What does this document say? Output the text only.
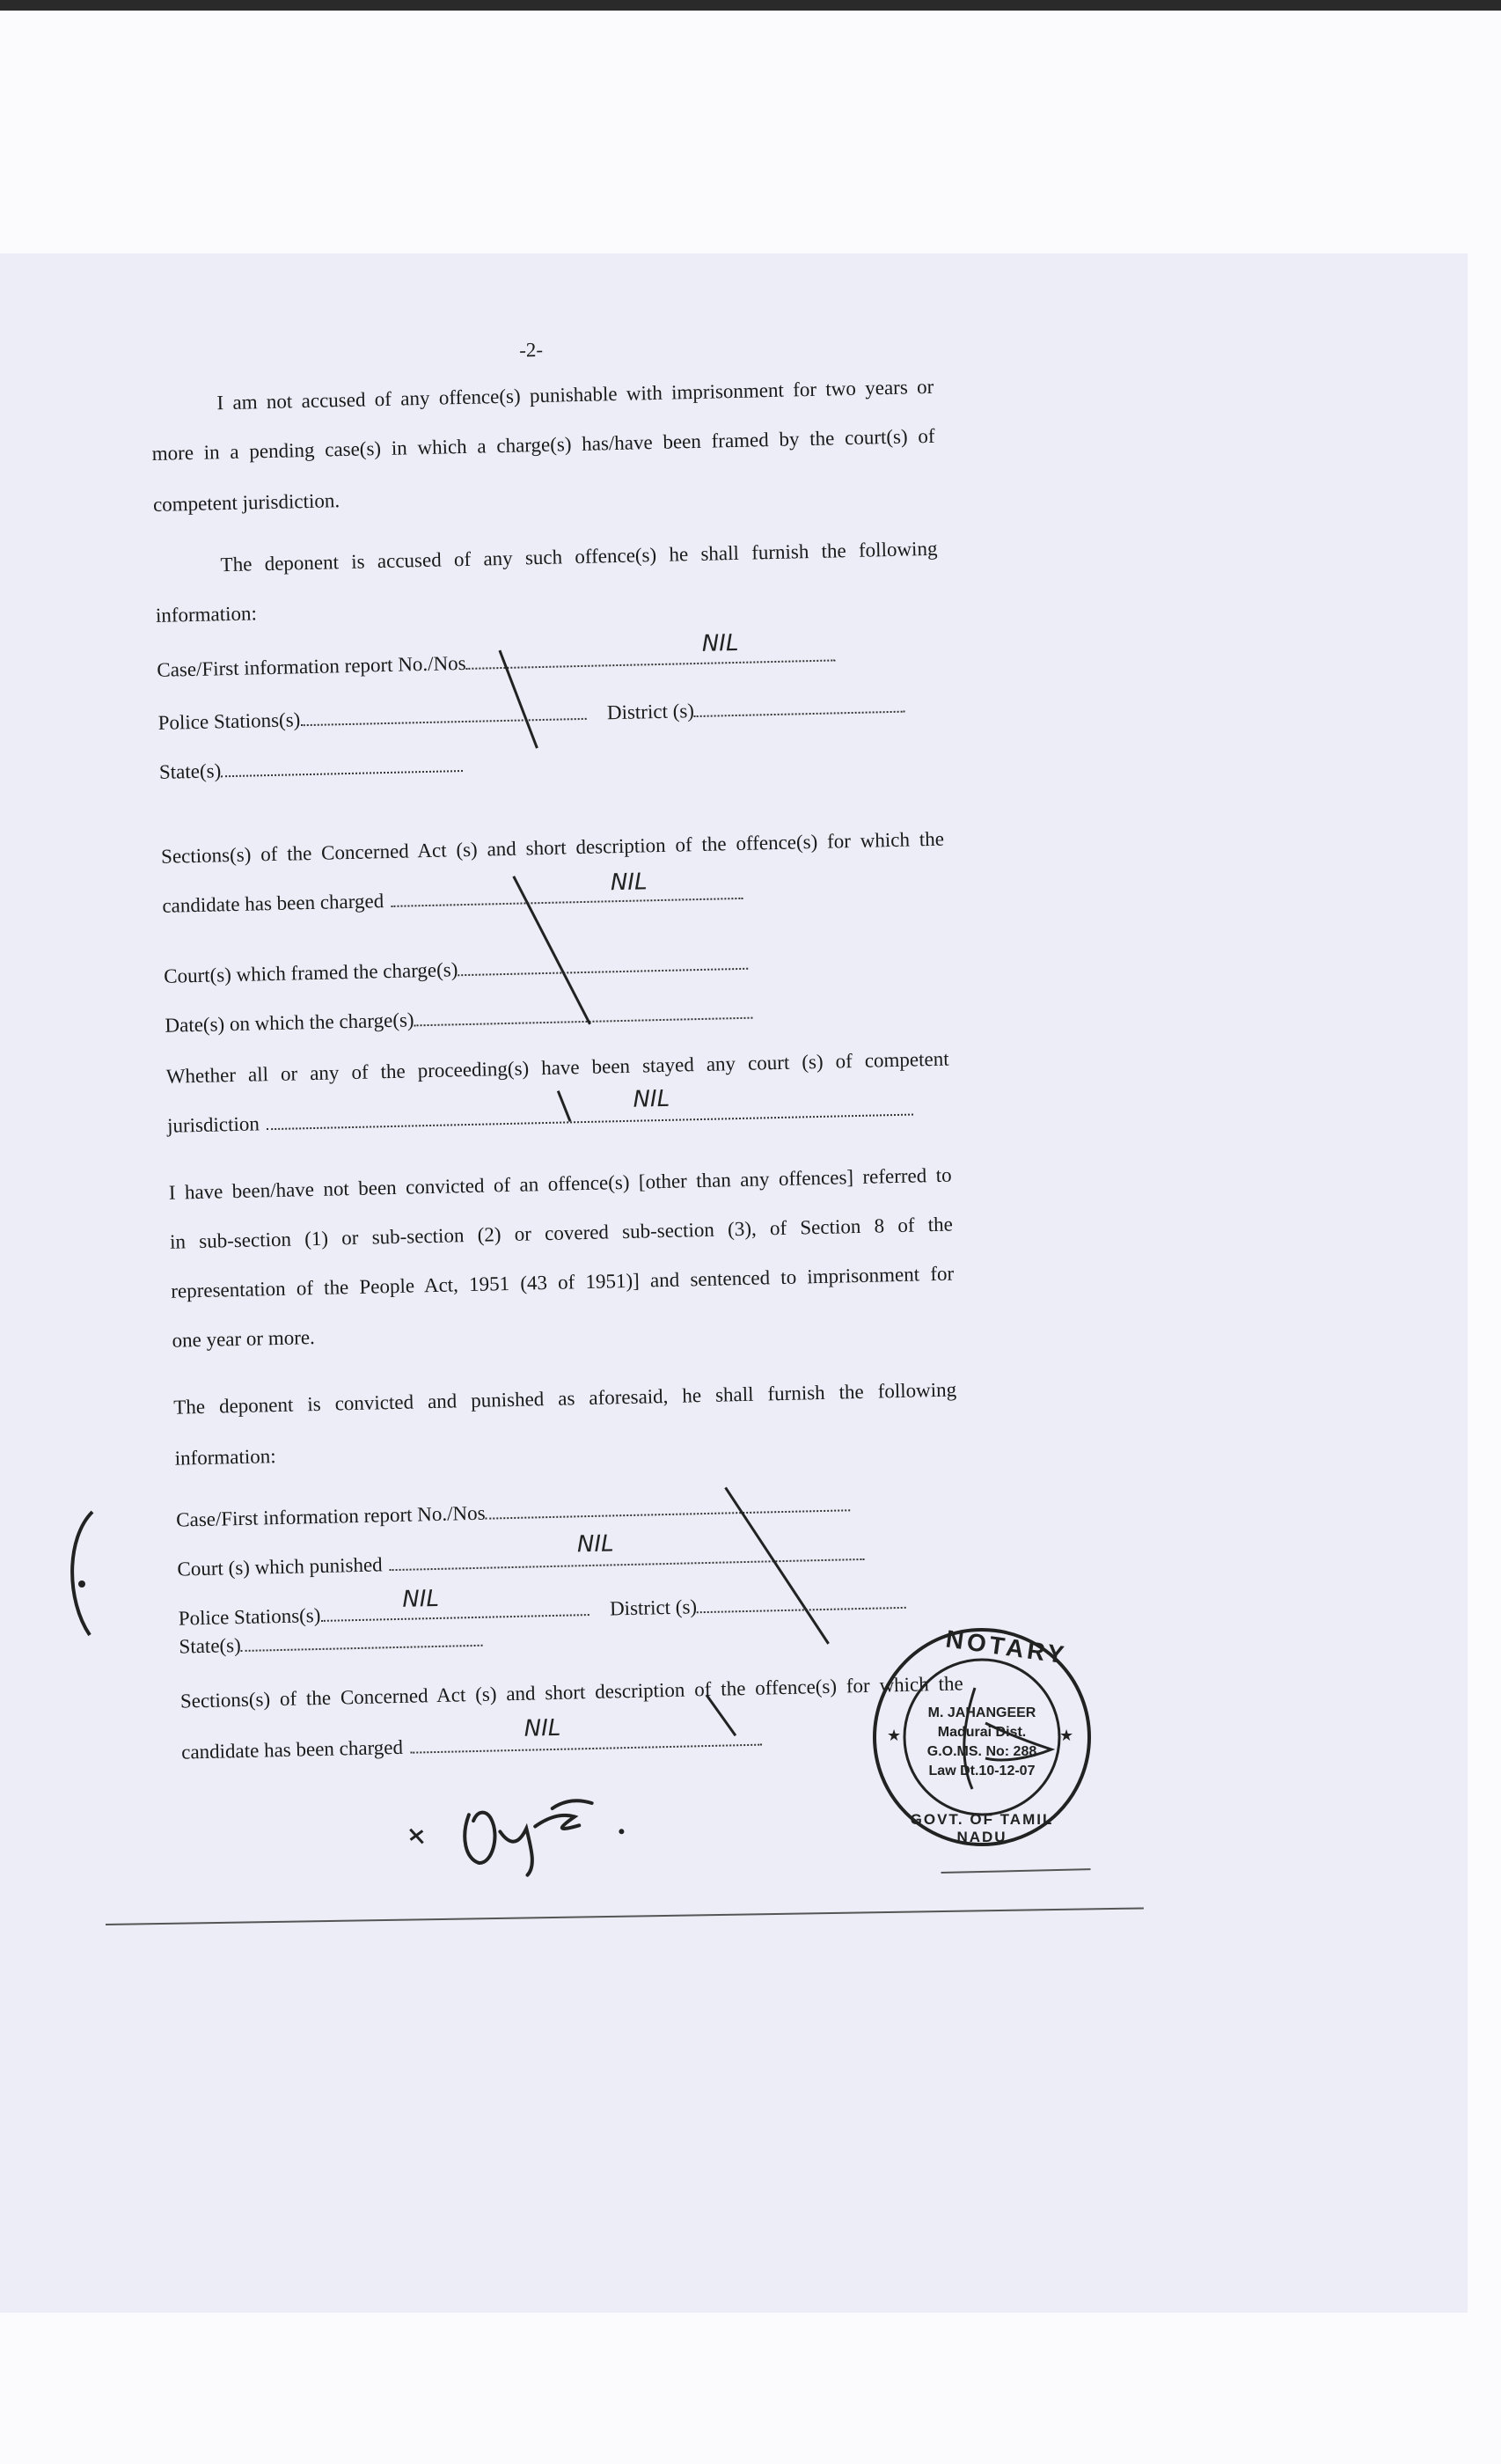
-2-
I am not accused of any offence(s) punishable with imprisonment for two years or
more in a pending case(s) in which a charge(s) has/have been framed by the court(s) of
competent jurisdiction.
The deponent is accused of any such offence(s) he shall furnish the following
information:
Case/First information report No./Nos
NIL
Police Stations(s)	District (s)
State(s)
Sections(s) of the Concerned Act (s) and short description of the offence(s) for which the
candidate has been charged
NIL
Court(s) which framed the charge(s)
Date(s) on which the charge(s)
Whether all or any of the proceeding(s) have been stayed any court (s) of competent
jurisdiction
NIL
I have been/have not been convicted of an offence(s) [other than any offences] referred to
in sub-section (1) or sub-section (2) or covered sub-section (3), of Section 8 of the
representation of the People Act, 1951 (43 of 1951)] and sentenced to imprisonment for
one year or more.
The deponent is convicted and punished as aforesaid, he shall furnish the following
information:
Case/First information report No./Nos
Court (s) which punished
NIL
Police Stations(s)	District (s)
NIL
State(s)
Sections(s) of the Concerned Act (s) and short description of the offence(s) for which the
candidate has been charged
NIL	★	★
NOTARY
M. JAHANGEER
Madurai Dist.
G.O.MS. No: 288
Law Dt.10-12-07
GOVT. OF TAMIL NADU
